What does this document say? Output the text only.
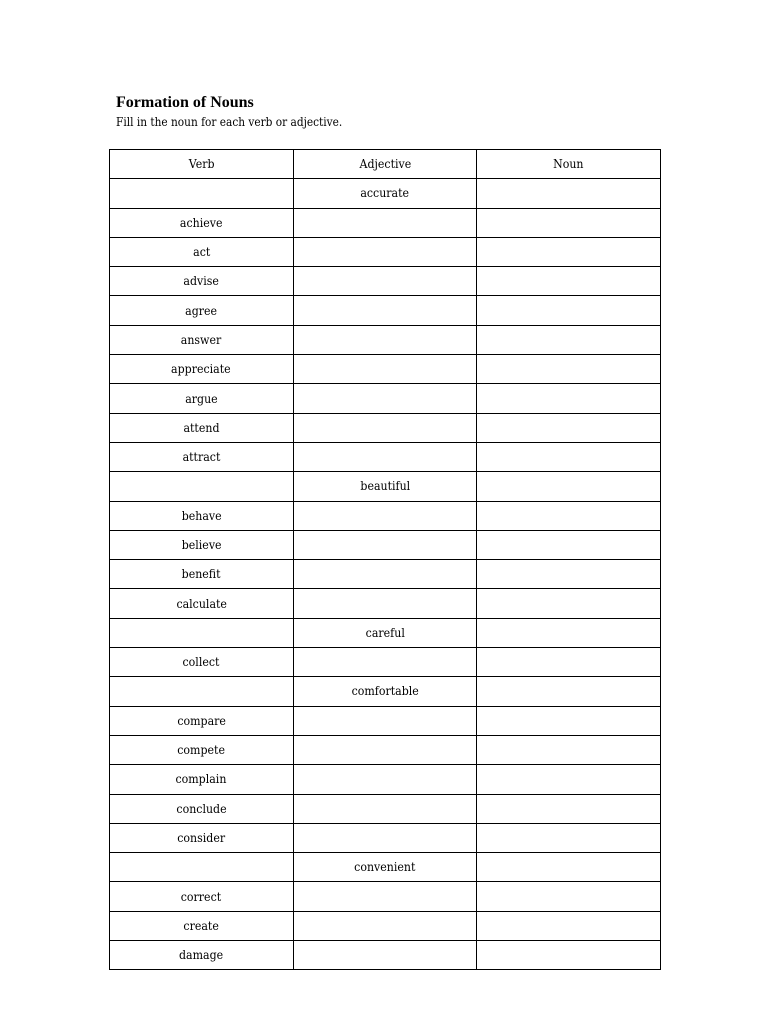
Formation of Nouns
Fill in the noun for each verb or adjective.
Verb	Adjective	Noun
	accurate	
achieve		
act		
advise		
agree		
answer		
appreciate		
argue		
attend		
attract		
	beautiful	
behave		
believe		
benefit		
calculate		
	careful	
collect		
	comfortable	
compare		
compete		
complain		
conclude		
consider		
	convenient	
correct		
create		
damage		
